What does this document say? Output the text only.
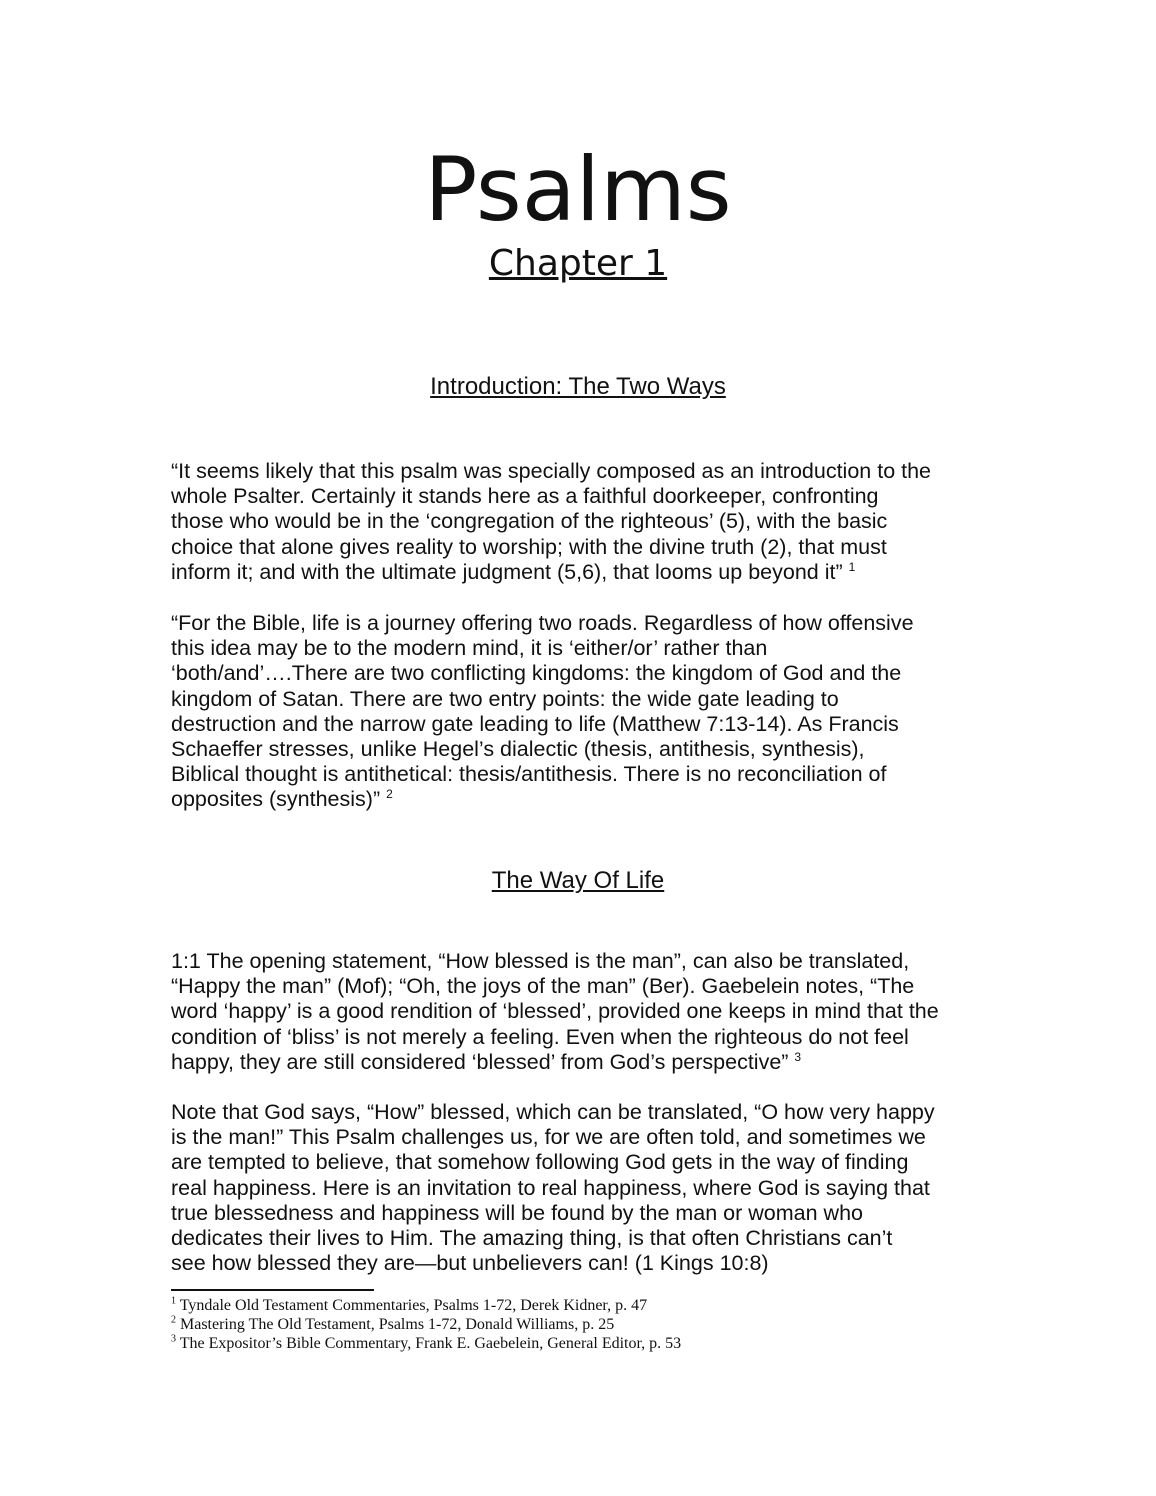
Psalms
Chapter 1
Introduction: The Two Ways

“It seems likely that this psalm was specially composed as an introduction to the
whole Psalter. Certainly it stands here as a faithful doorkeeper, confronting
those who would be in the ‘congregation of the righteous’ (5), with the basic
choice that alone gives reality to worship; with the divine truth (2), that must
inform it; and with the ultimate judgment (5,6), that looms up beyond it” $^1$

“For the Bible, life is a journey offering two roads. Regardless of how offensive
this idea may be to the modern mind, it is ‘either/or’ rather than
‘both/and’….There are two conflicting kingdoms: the kingdom of God and the
kingdom of Satan. There are two entry points: the wide gate leading to
destruction and the narrow gate leading to life (Matthew 7:13-14). As Francis
Schaeffer stresses, unlike Hegel’s dialectic (thesis, antithesis, synthesis),
Biblical thought is antithetical: thesis/antithesis. There is no reconciliation of
opposites (synthesis)” $^2$

The Way Of Life

1:1 The opening statement, “How blessed is the man”, can also be translated,
“Happy the man” (Mof); “Oh, the joys of the man” (Ber). Gaebelein notes, “The
word ‘happy’ is a good rendition of ‘blessed’, provided one keeps in mind that the
condition of ‘bliss’ is not merely a feeling. Even when the righteous do not feel
happy, they are still considered ‘blessed’ from God’s perspective” $^3$

Note that God says, “How” blessed, which can be translated, “O how very happy
is the man!” This Psalm challenges us, for we are often told, and sometimes we
are tempted to believe, that somehow following God gets in the way of finding
real happiness. Here is an invitation to real happiness, where God is saying that
true blessedness and happiness will be found by the man or woman who
dedicates their lives to Him. The amazing thing, is that often Christians can’t
see how blessed they are—but unbelievers can! (1 Kings 10:8)

$^1$ Tyndale Old Testament Commentaries, Psalms 1-72, Derek Kidner, p. 47

$^2$ Mastering The Old Testament, Psalms 1-72, Donald Williams, p. 25

$^3$ The Expositor’s Bible Commentary, Frank E. Gaebelein, General Editor, p. 53
